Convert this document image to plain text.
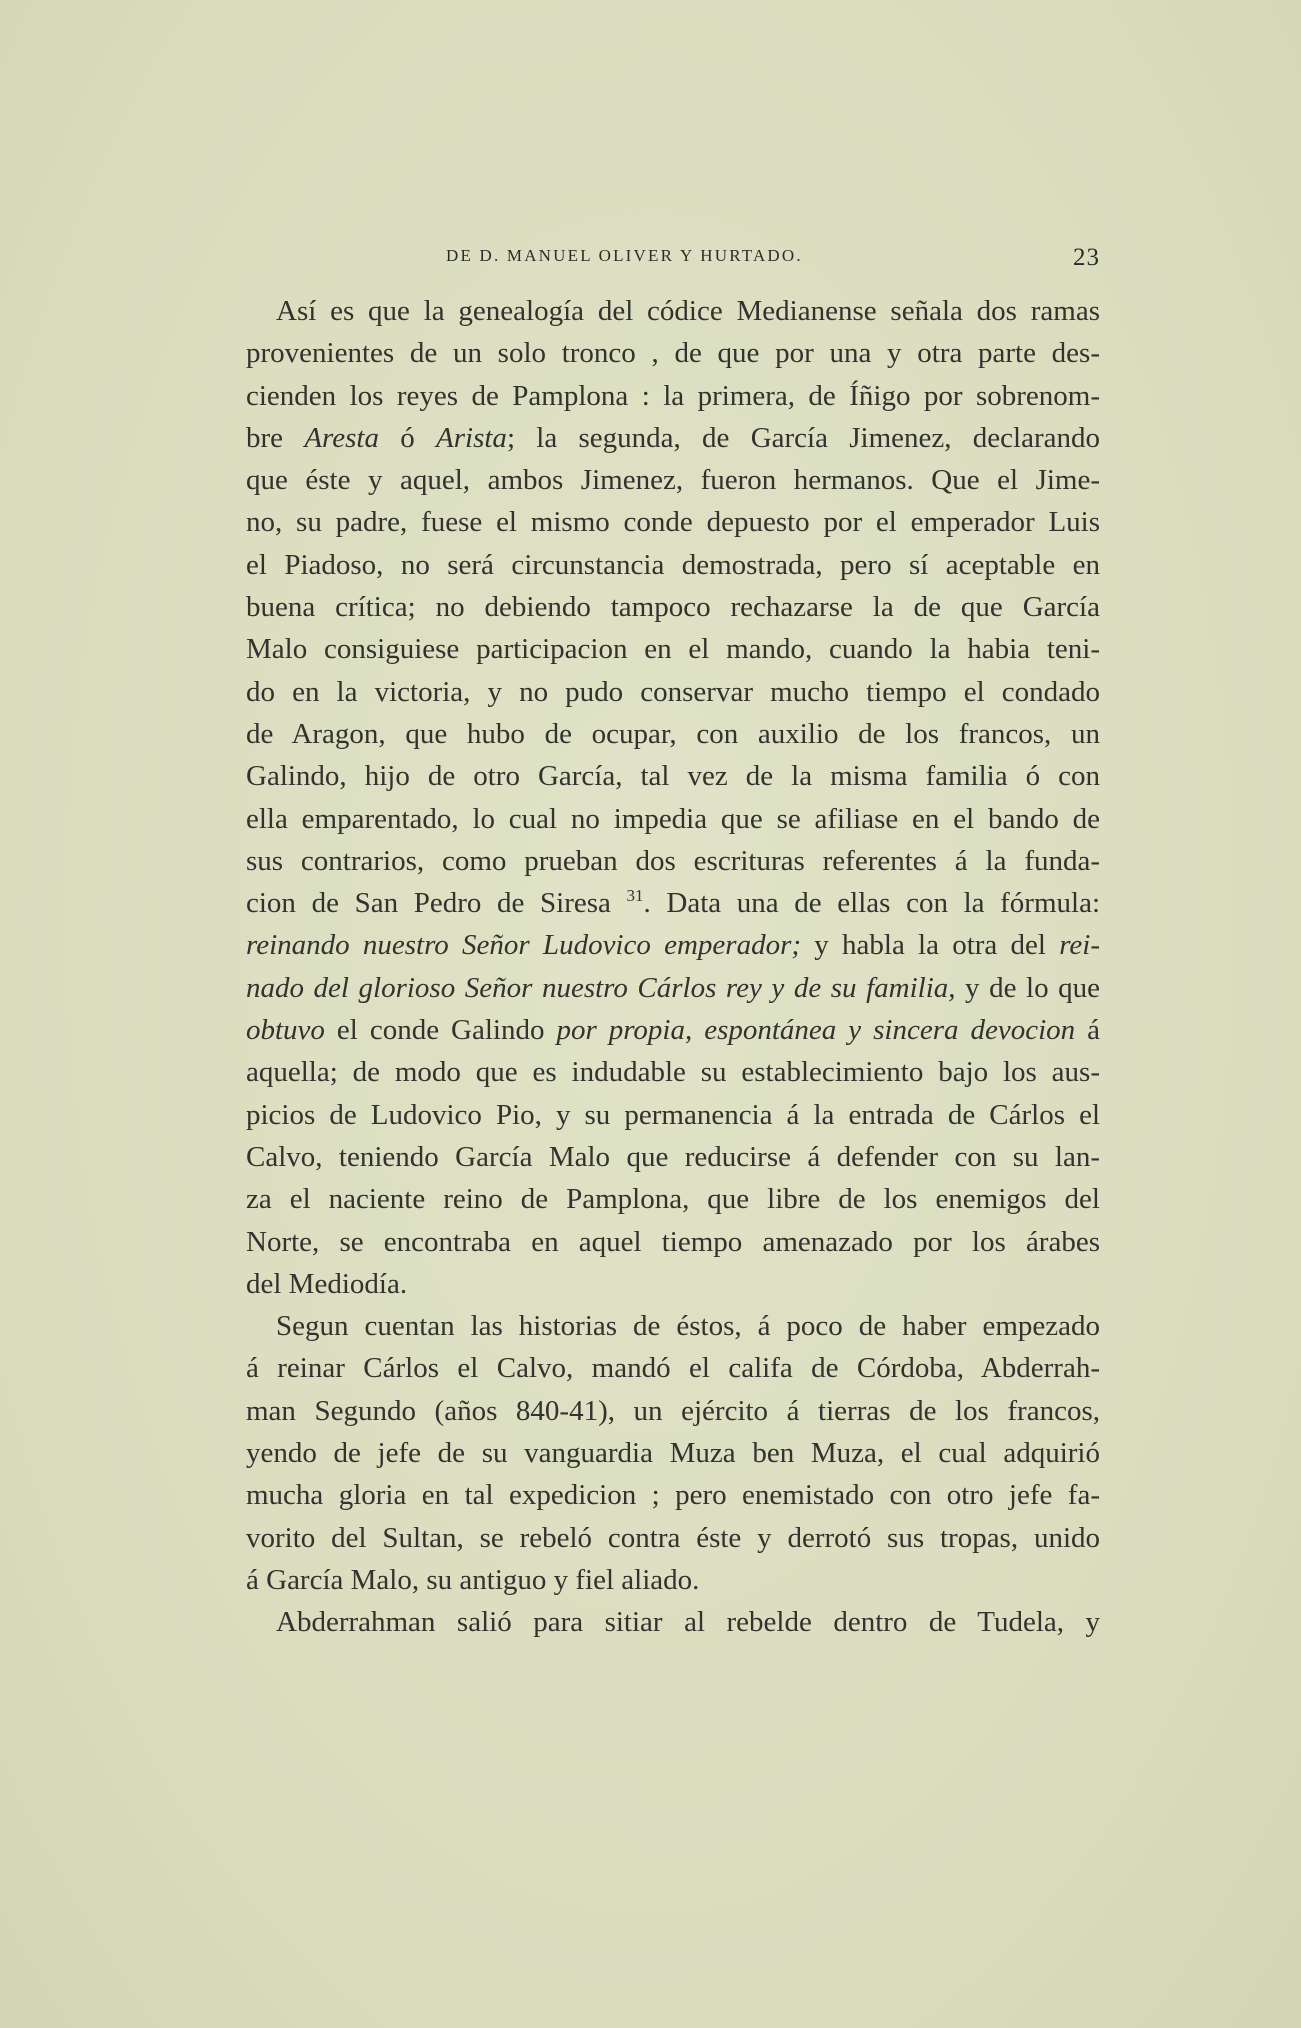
DE D. MANUEL OLIVER Y HURTADO.	23
Así es que la genealogía del códice Medianense señala dos ramas
provenientes de un solo tronco , de que por una y otra parte des-
cienden los reyes de Pamplona : la primera, de Íñigo por sobrenom-
bre Aresta ó Arista; la segunda, de García Jimenez, declarando
que éste y aquel, ambos Jimenez, fueron hermanos. Que el Jime-
no, su padre, fuese el mismo conde depuesto por el emperador Luis
el Piadoso, no será circunstancia demostrada, pero sí aceptable en
buena crítica; no debiendo tampoco rechazarse la de que García
Malo consiguiese participacion en el mando, cuando la habia teni-
do en la victoria, y no pudo conservar mucho tiempo el condado
de Aragon, que hubo de ocupar, con auxilio de los francos, un
Galindo, hijo de otro García, tal vez de la misma familia ó con
ella emparentado, lo cual no impedia que se afiliase en el bando de
sus contrarios, como prueban dos escrituras referentes á la funda-
cion de San Pedro de Siresa $^{31}$. Data una de ellas con la fórmula:
reinando nuestro Señor Ludovico emperador; y habla la otra del rei-
nado del glorioso Señor nuestro Cárlos rey y de su familia, y de lo que
obtuvo el conde Galindo por propia, espontánea y sincera devocion á
aquella; de modo que es indudable su establecimiento bajo los aus-
picios de Ludovico Pio, y su permanencia á la entrada de Cárlos el
Calvo, teniendo García Malo que reducirse á defender con su lan-
za el naciente reino de Pamplona, que libre de los enemigos del
Norte, se encontraba en aquel tiempo amenazado por los árabes
del Mediodía.
Segun cuentan las historias de éstos, á poco de haber empezado
á reinar Cárlos el Calvo, mandó el califa de Córdoba, Abderrah-
man Segundo (años 840-41), un ejército á tierras de los francos,
yendo de jefe de su vanguardia Muza ben Muza, el cual adquirió
mucha gloria en tal expedicion ; pero enemistado con otro jefe fa-
vorito del Sultan, se rebeló contra éste y derrotó sus tropas, unido
á García Malo, su antiguo y fiel aliado.
Abderrahman salió para sitiar al rebelde dentro de Tudela, y
